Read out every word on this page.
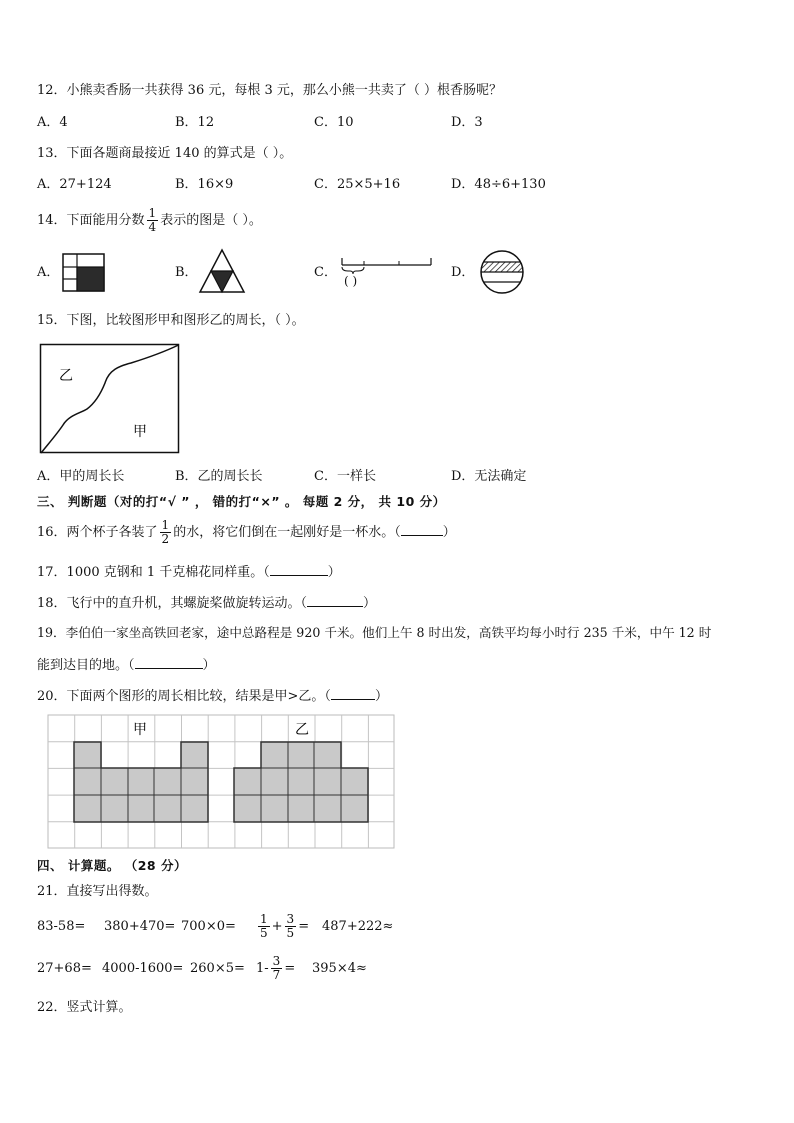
12．小熊卖香肠一共获得 36 元，每根 3 元，那么小熊一共卖了（ ）根香肠呢？
A．4	B．12	C．10	D．3
13．下面各题商最接近 140 的算式是（ ）。
A．27+124	B．16×9	C．25×5+16	D．48÷6+130
14．下面能用分数 $\frac{1}{4}$ 表示的图是（ ）。
A．	B．	C．	D．
( )
15．下图，比较图形甲和图形乙的周长，（ ）。
乙
甲
A．甲的周长长	B．乙的周长长	C．一样长	D．无法确定
三、 判断题（对的打“√ ” ， 错的打“×” 。 每题 2 分， 共 10 分）
16．两个杯子各装了 $\frac{1}{2}$ 的水，将它们倒在一起刚好是一杯水。（	）
17．1000 克钢和 1 千克棉花同样重。（	）
18．飞行中的直升机，其螺旋桨做旋转运动。（	）
19．李伯伯一家坐高铁回老家，途中总路程是 920 千米。他们上午 8 时出发，高铁平均每小时行 235 千米，中午 12 时
能到达目的地。（	）
20．下面两个图形的周长相比较，结果是甲>乙。（	）
甲	乙
四、 计算题。 （28 分）
21．直接写出得数。
$83-58= 380+470= 700\times 0= \frac{1}{5} + \frac{3}{5} = 487+222\approx$
$27+68= 4000-1600= 260\times 5= 1- \frac{3}{7} = 395\times 4\approx$
22．竖式计算。
